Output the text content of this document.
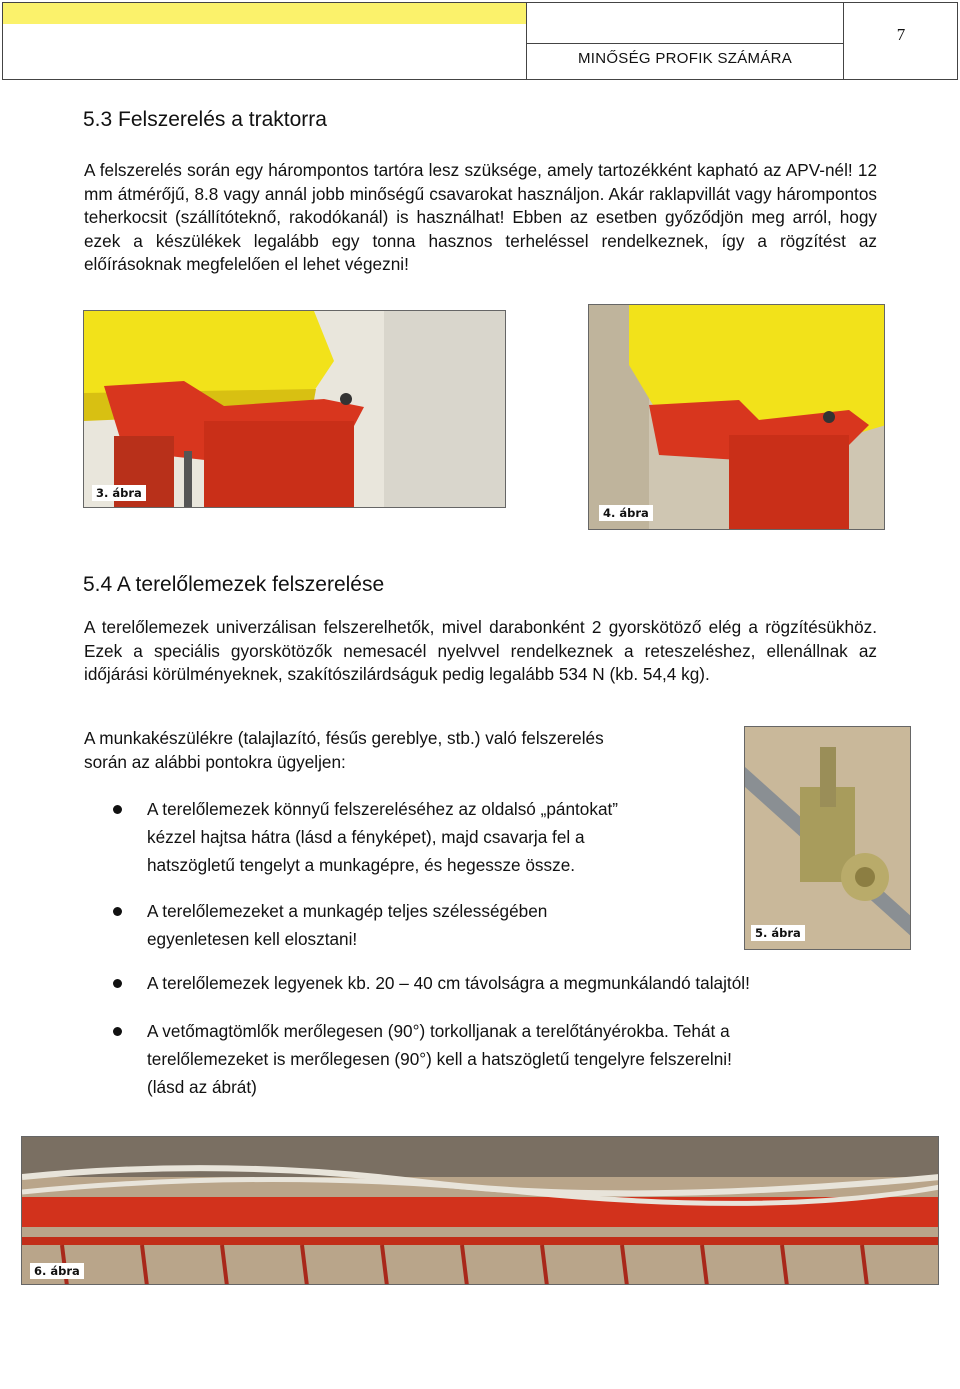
MINŐSÉG PROFIK SZÁMÁRA
7
5.3 Felszerelés a traktorra

A felszerelés során egy hárompontos tartóra lesz szüksége, amely tartozékként kapható az APV-nél! 12 mm átmérőjű, 8.8 vagy annál jobb minőségű csavarokat használjon. Akár raklapvillát vagy hárompontos teherkocsit (szállítóteknő, rakodókanál) is használhat! Ebben az esetben győződjön meg arról, hogy ezek a készülékek legalább egy tonna hasznos terheléssel rendelkeznek, így a rögzítést az előírásoknak megfelelően el lehet végezni!

3. ábra
4. ábra
5.4 A terelőlemezek felszerelése

A terelőlemezek univerzálisan felszerelhetők, mivel darabonként 2 gyorskötöző elég a rögzítésükhöz. Ezek a speciális gyorskötözők nemesacél nyelvvel rendelkeznek a reteszeléshez, ellenállnak az időjárási körülményeknek, szakítószilárdságuk pedig legalább 534 N (kb. 54,4 kg).

A munkakészülékre (talajlazító, fésűs gereblye, stb.) való felszerelés

során az alábbi pontokra ügyeljen:

5. ábra

A terelőlemezek könnyű felszereléséhez az oldalsó „pántokat”

kézzel hajtsa hátra (lásd a fényképet), majd csavarja fel a

hatszögletű tengelyt a munkagépre, és hegessze össze.

A terelőlemezeket a munkagép teljes szélességében

egyenletesen kell elosztani!

A terelőlemezek legyenek kb. 20 – 40 cm távolságra a megmunkálandó talajtól!

A vetőmagtömlők merőlegesen (90°) torkolljanak a terelőtányérokba. Tehát a

terelőlemezeket is merőlegesen (90°) kell a hatszögletű tengelyre felszerelni!

(lásd az ábrát)

6. ábra
